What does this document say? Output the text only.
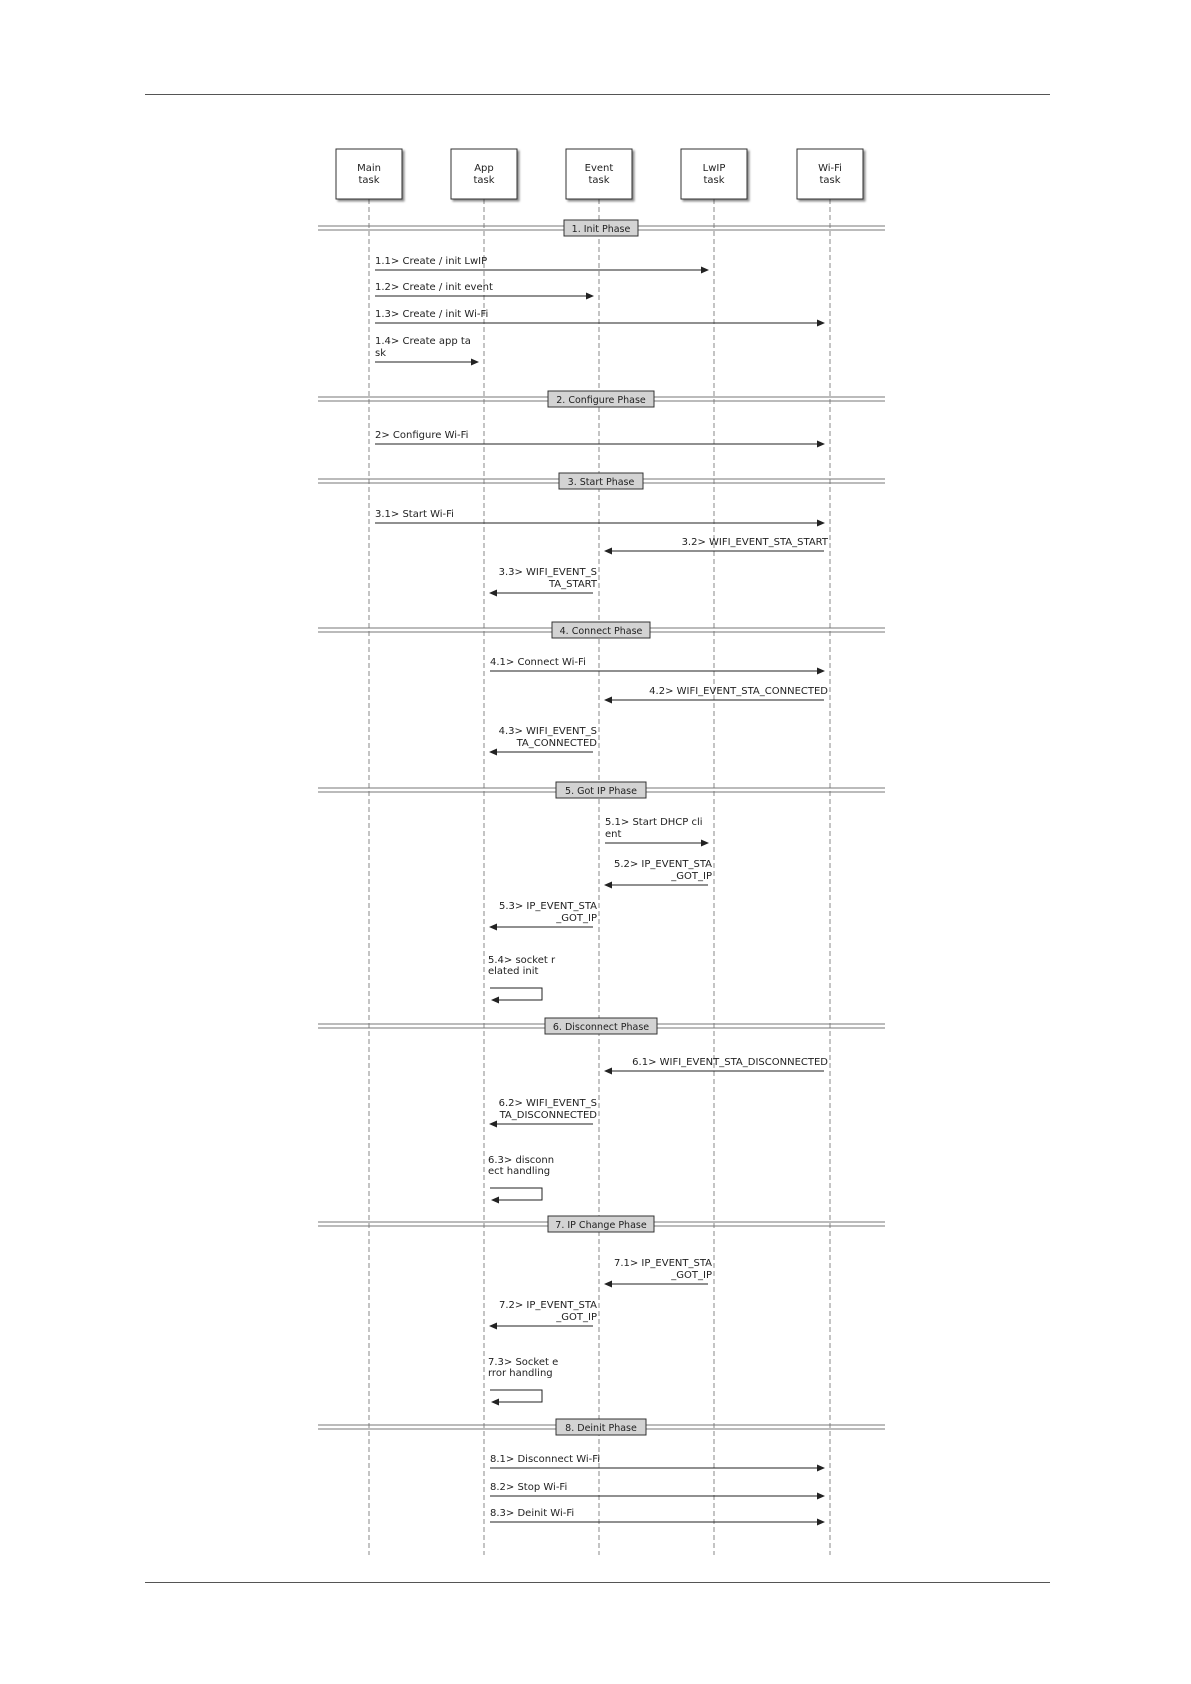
Main
task
App
task
Event
task
LwIP
task
Wi-Fi
task
1. Init Phase
2. Configure Phase
3. Start Phase
4. Connect Phase
5. Got IP Phase
6. Disconnect Phase
7. IP Change Phase
8. Deinit Phase
1.1> Create / init LwIP
1.2> Create / init event
1.3> Create / init Wi-Fi
1.4> Create app ta
sk
2> Configure Wi-Fi
3.1> Start Wi-Fi
3.2> WIFI_EVENT_STA_START
3.3> WIFI_EVENT_S
TA_START
4.1> Connect Wi-Fi
4.2> WIFI_EVENT_STA_CONNECTED
4.3> WIFI_EVENT_S
TA_CONNECTED
5.1> Start DHCP cli
ent
5.2> IP_EVENT_STA
_GOT_IP
5.3> IP_EVENT_STA
_GOT_IP
5.4> socket r
elated init
6.1> WIFI_EVENT_STA_DISCONNECTED
6.2> WIFI_EVENT_S
TA_DISCONNECTED
6.3> disconn
ect handling
7.1> IP_EVENT_STA
_GOT_IP
7.2> IP_EVENT_STA
_GOT_IP
7.3> Socket e
rror handling
8.1> Disconnect Wi-Fi
8.2> Stop Wi-Fi
8.3> Deinit Wi-Fi
